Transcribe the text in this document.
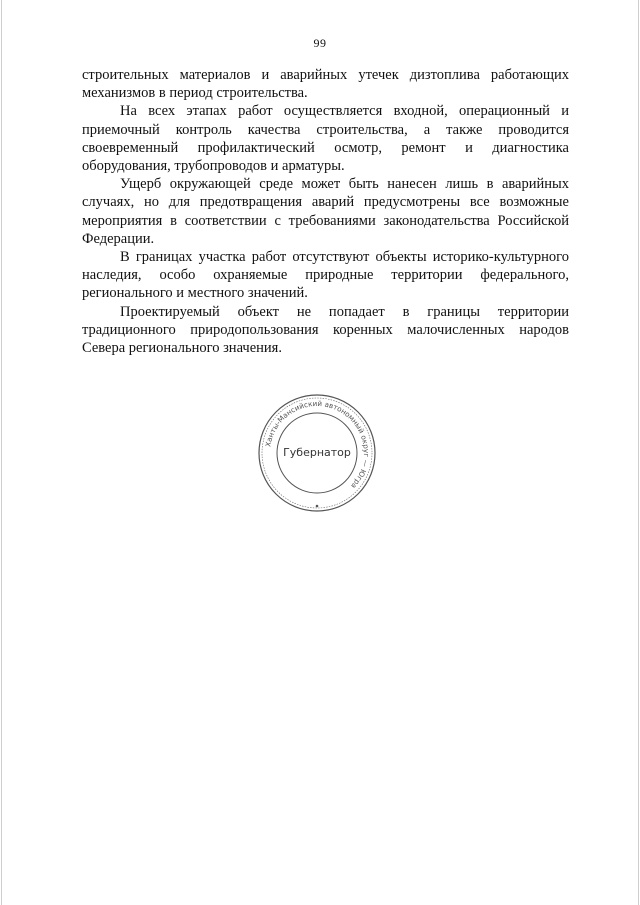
99

строительных материалов и аварийных утечек дизтоплива работающих механизмов в период строительства.

На всех этапах работ осуществляется входной, операционный и приемочный контроль качества строительства, а также проводится своевременный профилактический осмотр, ремонт и диагностика оборудования, трубопроводов и арматуры.

Ущерб окружающей среде может быть нанесен лишь в аварийных случаях, но для предотвращения аварий предусмотрены все возможные мероприятия в соответствии с требованиями законодательства Российской Федерации.

В границах участка работ отсутствуют объекты историко-культурного наследия, особо охраняемые природные территории федерального, регионального и местного значений.

Проектируемый объект не попадает в границы территории традиционного природопользования коренных малочисленных народов Севера регионального значения.

Ханты-Мансийский автономный округ — Югра
Губернатор
